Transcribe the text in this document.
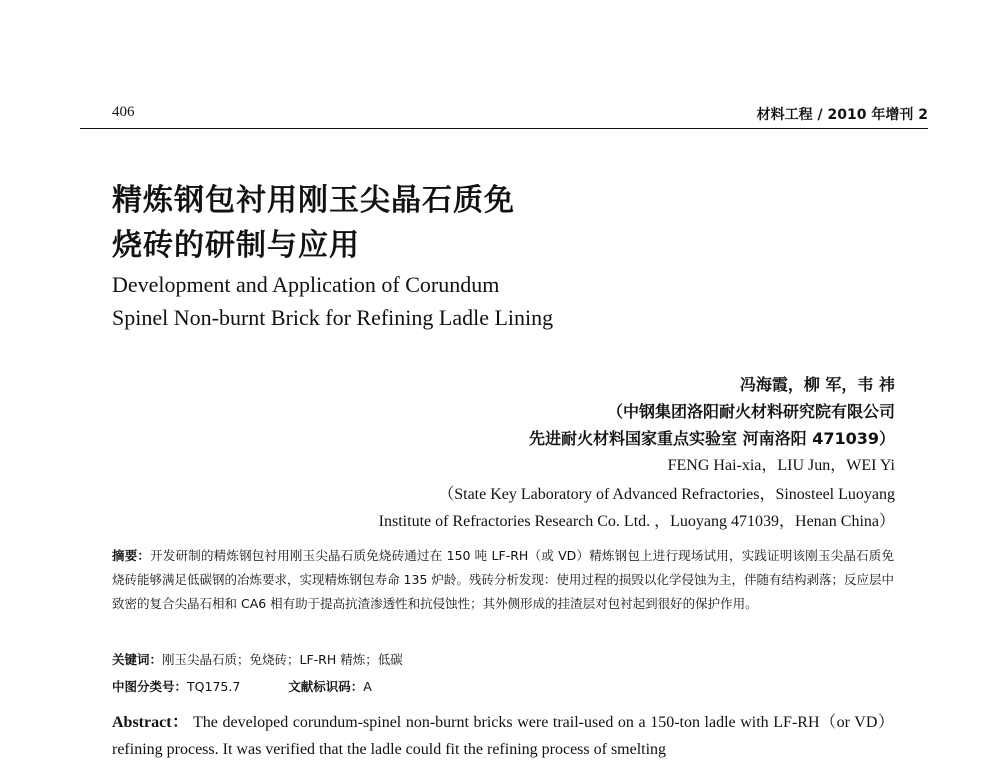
406	材料工程 / 2010 年增刊 2
精炼钢包衬用刚玉尖晶石质免
烧砖的研制与应用
Development and Application of Corundum
Spinel Non-burnt Brick for Refining Ladle Lining
冯海霞，柳 军，韦 祎
（中钢集团洛阳耐火材料研究院有限公司
先进耐火材料国家重点实验室 河南洛阳 471039）
FENG Hai-xia，LIU Jun，WEI Yi
（State Key Laboratory of Advanced Refractories，Sinosteel Luoyang
Institute of Refractories Research Co. Ltd. ，Luoyang 471039，Henan China）
摘要：开发研制的精炼钢包衬用刚玉尖晶石质免烧砖通过在 150 吨 LF-RH（或 VD）精炼钢包上进行现场试用，实践证明该刚玉尖晶石质免烧砖能够满足低碳钢的冶炼要求，实现精炼钢包寿命 135 炉龄。残砖分析发现：使用过程的损毁以化学侵蚀为主，伴随有结构剥落；反应层中致密的复合尖晶石相和 CA6 相有助于提高抗渣渗透性和抗侵蚀性；其外侧形成的挂渣层对包衬起到很好的保护作用。
关键词：刚玉尖晶石质；免烧砖；LF-RH 精炼；低碳
中图分类号：TQ175.7	文献标识码：A
Abstract： The developed corundum-spinel non-burnt bricks were trail-used on a 150-ton ladle with LF-RH（or VD） refining process. It was verified that the ladle could fit the refining process of smelting
